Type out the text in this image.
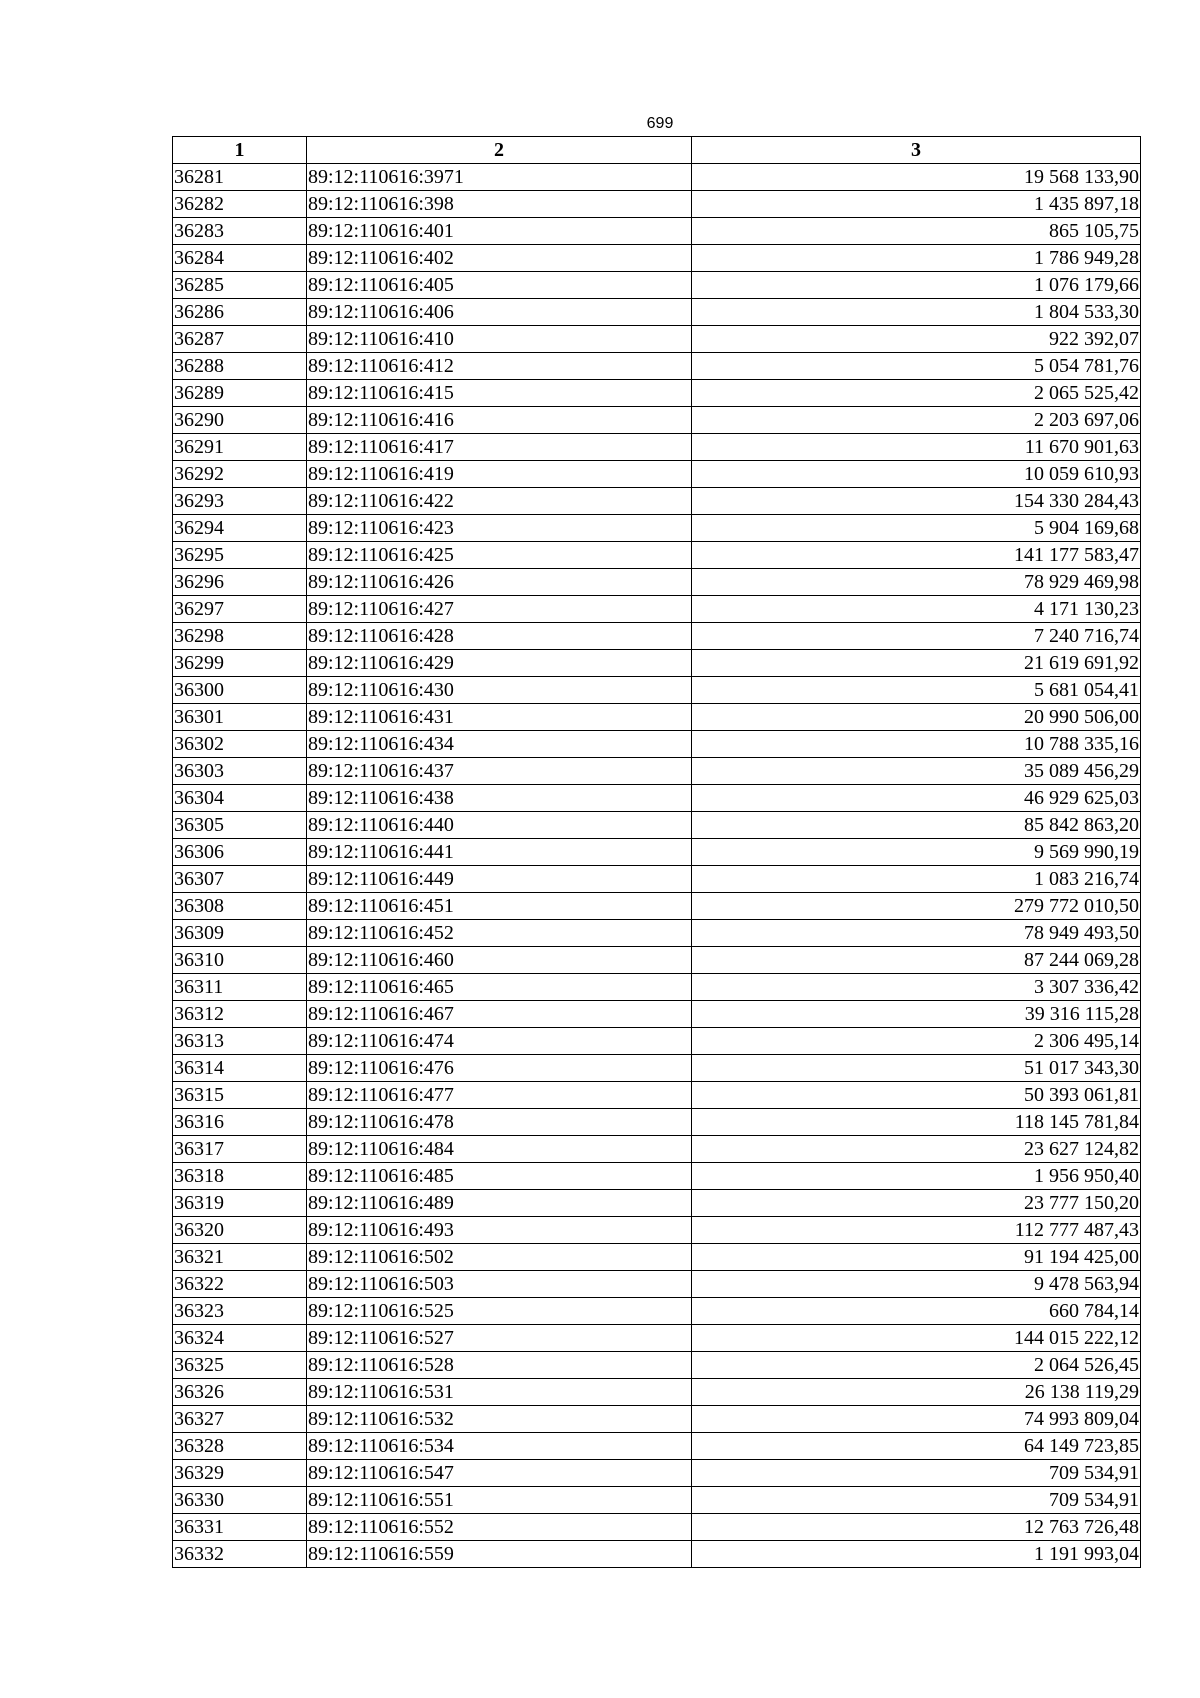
699
1	2	3
36281	89:12:110616:3971	19 568 133,90
36282	89:12:110616:398	1 435 897,18
36283	89:12:110616:401	865 105,75
36284	89:12:110616:402	1 786 949,28
36285	89:12:110616:405	1 076 179,66
36286	89:12:110616:406	1 804 533,30
36287	89:12:110616:410	922 392,07
36288	89:12:110616:412	5 054 781,76
36289	89:12:110616:415	2 065 525,42
36290	89:12:110616:416	2 203 697,06
36291	89:12:110616:417	11 670 901,63
36292	89:12:110616:419	10 059 610,93
36293	89:12:110616:422	154 330 284,43
36294	89:12:110616:423	5 904 169,68
36295	89:12:110616:425	141 177 583,47
36296	89:12:110616:426	78 929 469,98
36297	89:12:110616:427	4 171 130,23
36298	89:12:110616:428	7 240 716,74
36299	89:12:110616:429	21 619 691,92
36300	89:12:110616:430	5 681 054,41
36301	89:12:110616:431	20 990 506,00
36302	89:12:110616:434	10 788 335,16
36303	89:12:110616:437	35 089 456,29
36304	89:12:110616:438	46 929 625,03
36305	89:12:110616:440	85 842 863,20
36306	89:12:110616:441	9 569 990,19
36307	89:12:110616:449	1 083 216,74
36308	89:12:110616:451	279 772 010,50
36309	89:12:110616:452	78 949 493,50
36310	89:12:110616:460	87 244 069,28
36311	89:12:110616:465	3 307 336,42
36312	89:12:110616:467	39 316 115,28
36313	89:12:110616:474	2 306 495,14
36314	89:12:110616:476	51 017 343,30
36315	89:12:110616:477	50 393 061,81
36316	89:12:110616:478	118 145 781,84
36317	89:12:110616:484	23 627 124,82
36318	89:12:110616:485	1 956 950,40
36319	89:12:110616:489	23 777 150,20
36320	89:12:110616:493	112 777 487,43
36321	89:12:110616:502	91 194 425,00
36322	89:12:110616:503	9 478 563,94
36323	89:12:110616:525	660 784,14
36324	89:12:110616:527	144 015 222,12
36325	89:12:110616:528	2 064 526,45
36326	89:12:110616:531	26 138 119,29
36327	89:12:110616:532	74 993 809,04
36328	89:12:110616:534	64 149 723,85
36329	89:12:110616:547	709 534,91
36330	89:12:110616:551	709 534,91
36331	89:12:110616:552	12 763 726,48
36332	89:12:110616:559	1 191 993,04
